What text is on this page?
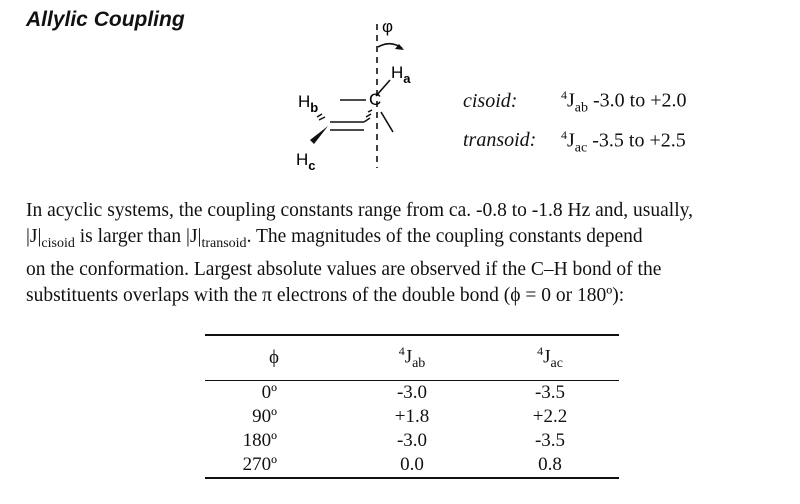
Allylic Coupling	φ
$H_a$
C
$H_b$
$H_c$
cisoid:	$^4J_{ab}$ -3.0 to +2.0
transoid: $^4J_{ac}$ -3.5 to +2.5

In acyclic systems, the coupling constants range from ca. -0.8 to -1.8 Hz and, usually,

$|J|_{cisoid}$ is larger than $|J|_{transoid}$. The magnitudes of the coupling constants depend

on the conformation. Largest absolute values are observed if the C–H bond of the

substituents overlaps with the π electrons of the double bond (ϕ = 0 or 180º):

ϕ	$^4J_{ab}$	$^4J_{ac}$
0º	-3.0	-3.5
90º	+1.8	+2.2
180º	-3.0	-3.5
270º	0.0	0.8
